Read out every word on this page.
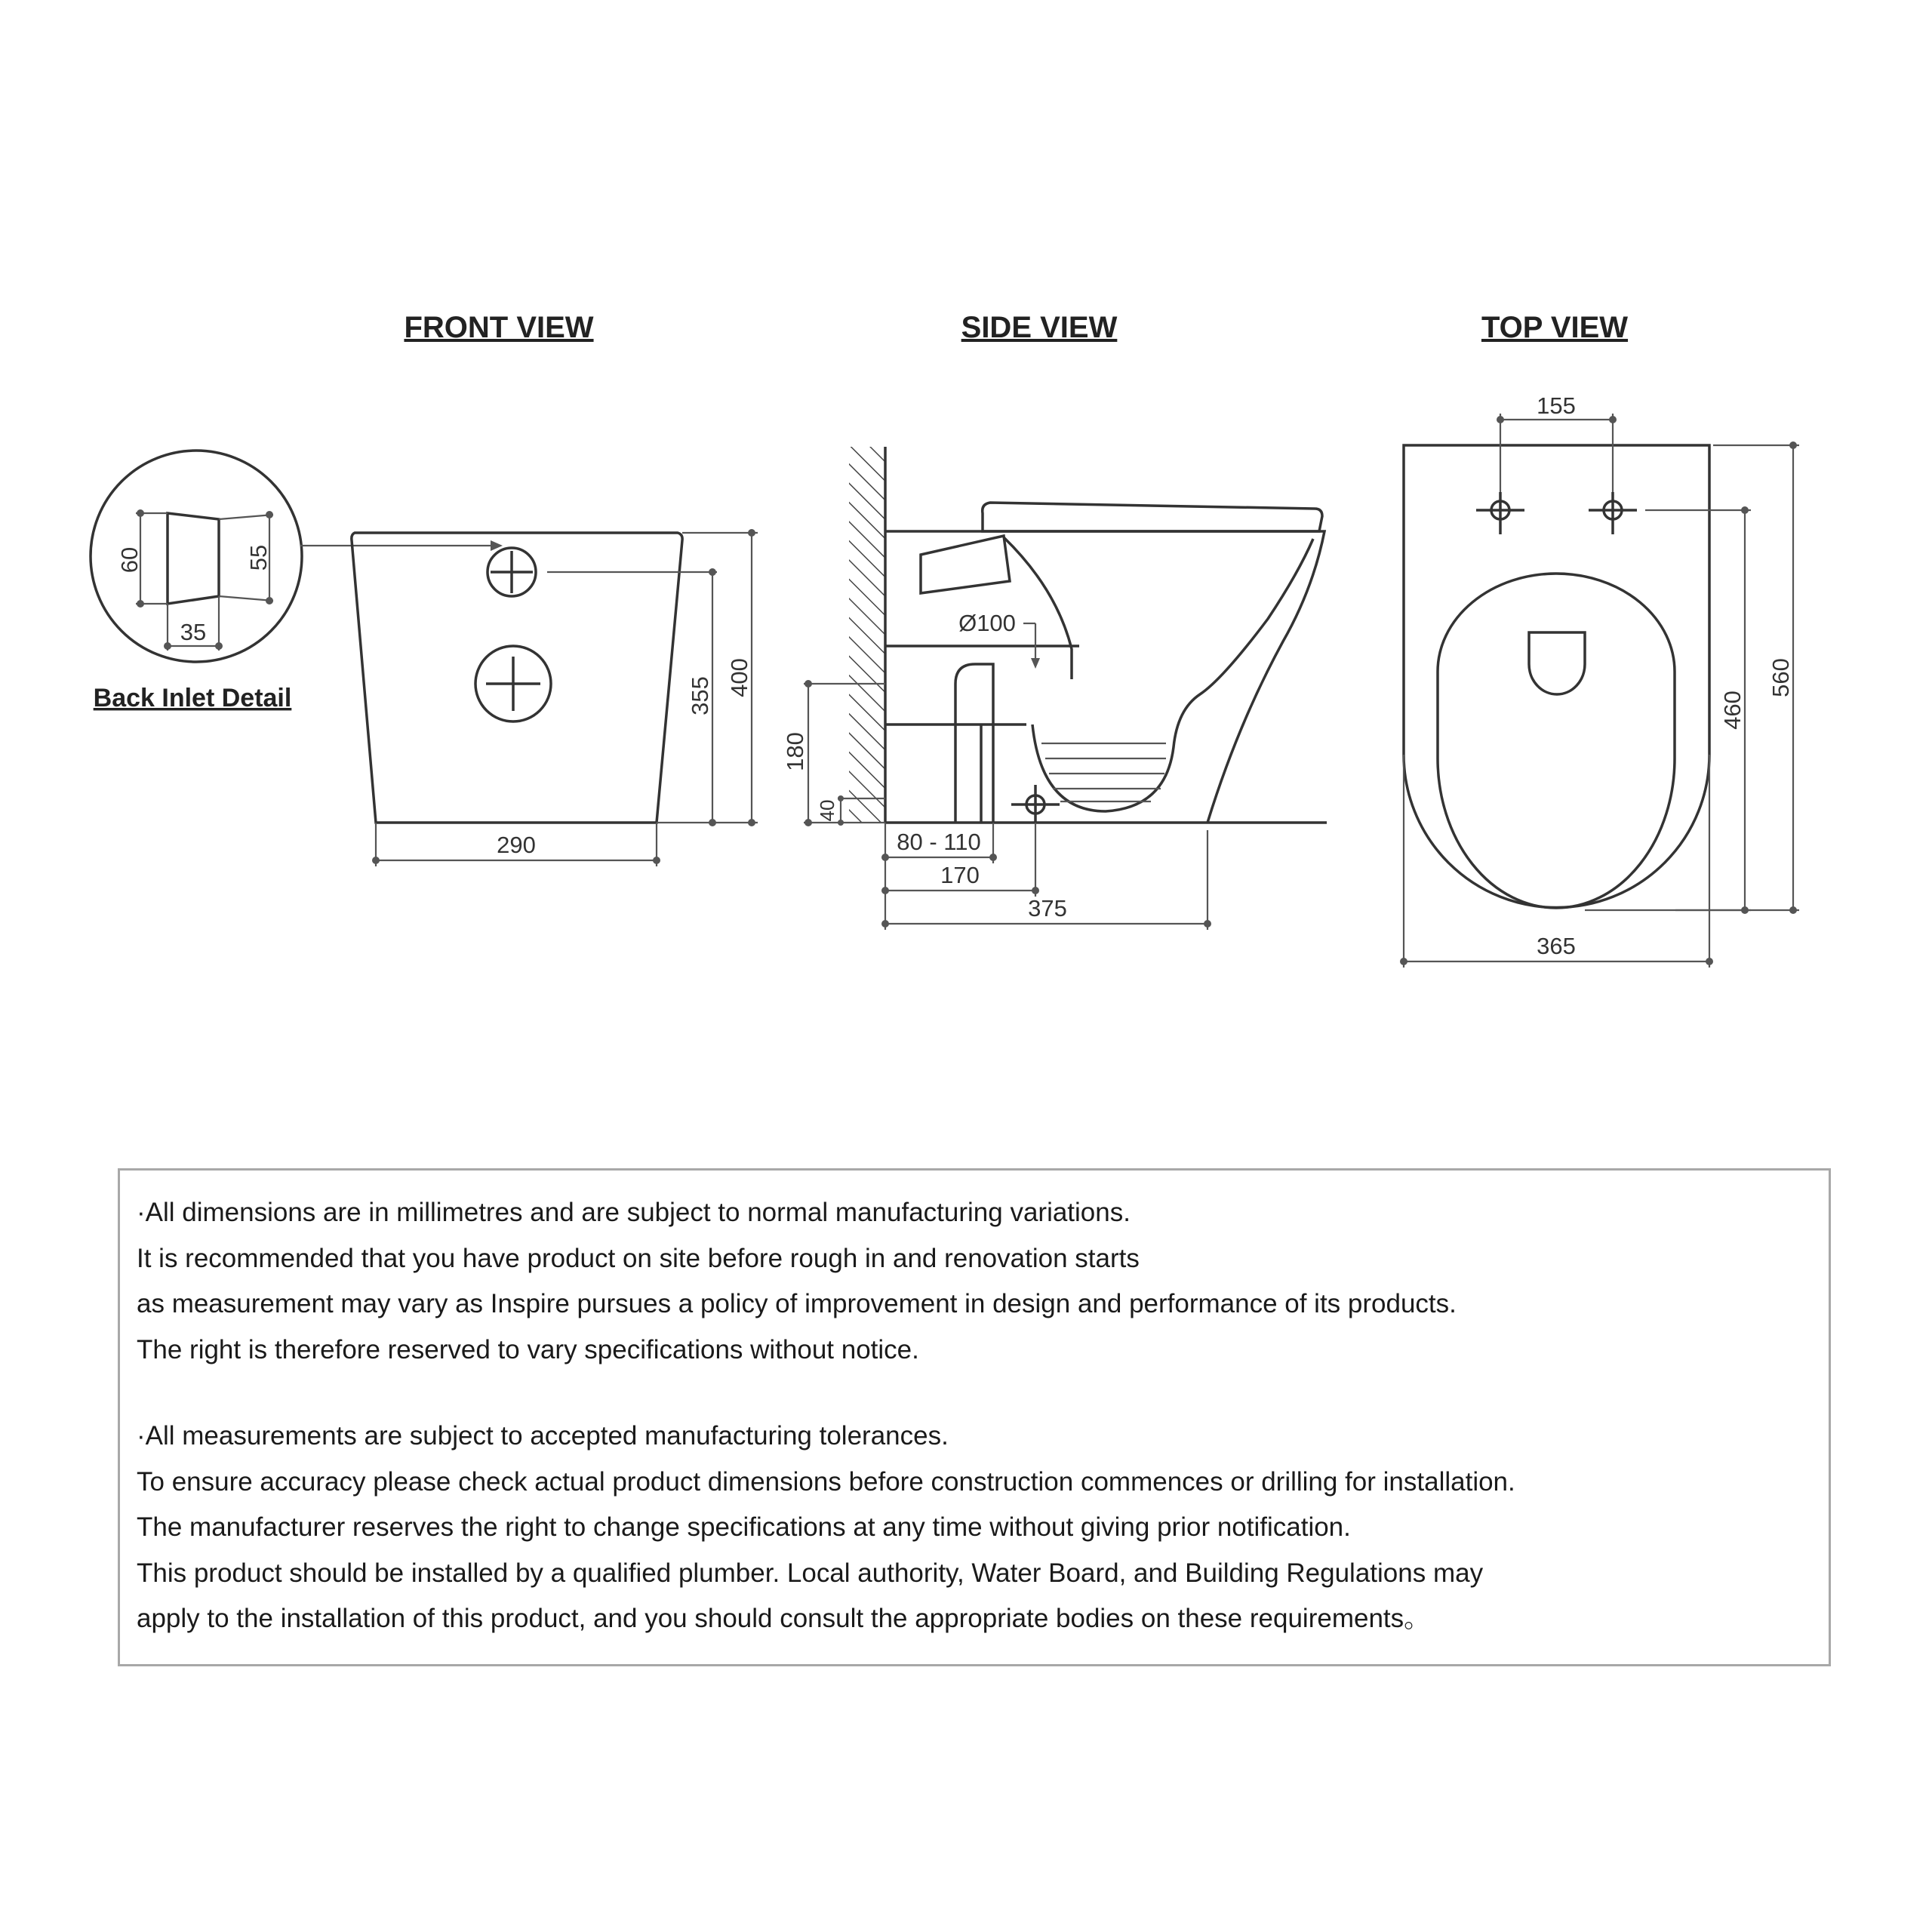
FRONT VIEW	SIDE VIEW	TOP VIEW
60	55
35
Back Inlet Detail	355 400
290
Ø100
180
40
80 - 110
170
375
155
460
560
365
·All dimensions are in millimetres and are subject to normal manufacturing variations.
It is recommended that you have product on site before rough in and renovation starts
as measurement may vary as Inspire pursues a policy of improvement in design and performance of its products.
The right is therefore reserved to vary specifications without notice.
·All measurements are subject to accepted manufacturing tolerances.
To ensure accuracy please check actual product dimensions before construction commences or drilling for installation.
The manufacturer reserves the right to change specifications at any time without giving prior notification.
This product should be installed by a qualified plumber. Local authority, Water Board, and Building Regulations may
apply to the installation of this product, and you should consult the appropriate bodies on these requirements。
